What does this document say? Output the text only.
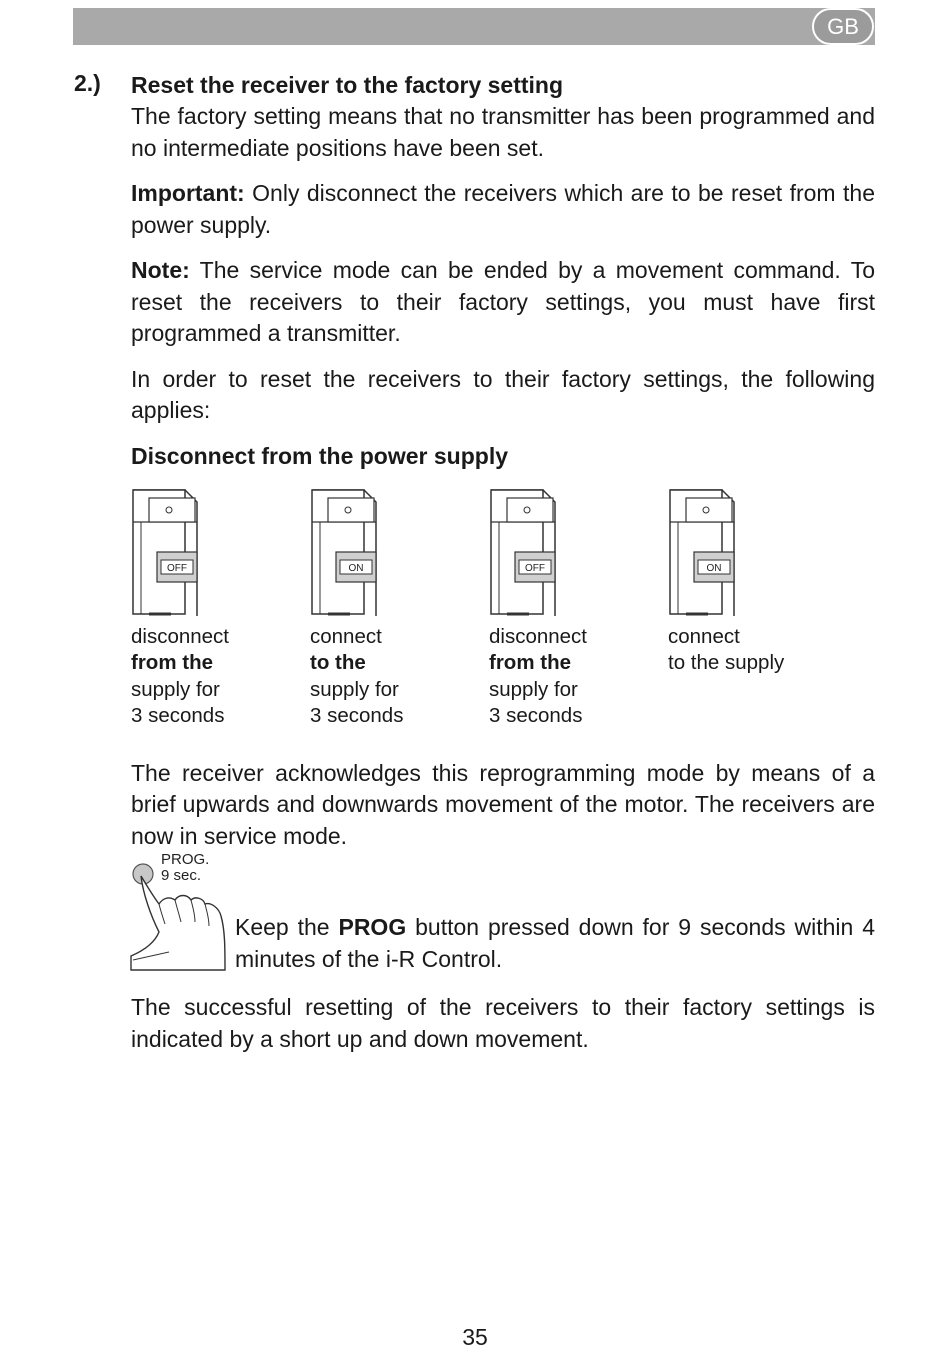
GB
2.) Reset the receiver to the factory setting

The factory setting means that no transmitter has been programmed and no intermediate positions have been set.

Important: Only disconnect the receivers which are to be reset from the power supply.

Note: The service mode can be ended by a movement command. To reset the receivers to their factory settings, you must have first programmed a transmitter.

In order to reset the receivers to their factory settings, the following applies:

Disconnect from the power supply
OFF
disconnect
from the
supply for
3 seconds
ON
connect
to the
supply for
3 seconds
OFF
disconnect
from the
supply for
3 seconds
ON
connect
to the supply

The receiver acknowledges this reprogramming mode by means of a brief upwards and downwards movement of the motor. The receivers are now in service mode.

PROG.
9 sec.

Keep the PROG button pressed down for 9 seconds within 4 minutes of the i-R Control.

The successful resetting of the receivers to their factory settings is indicated by a short up and down movement.

35
